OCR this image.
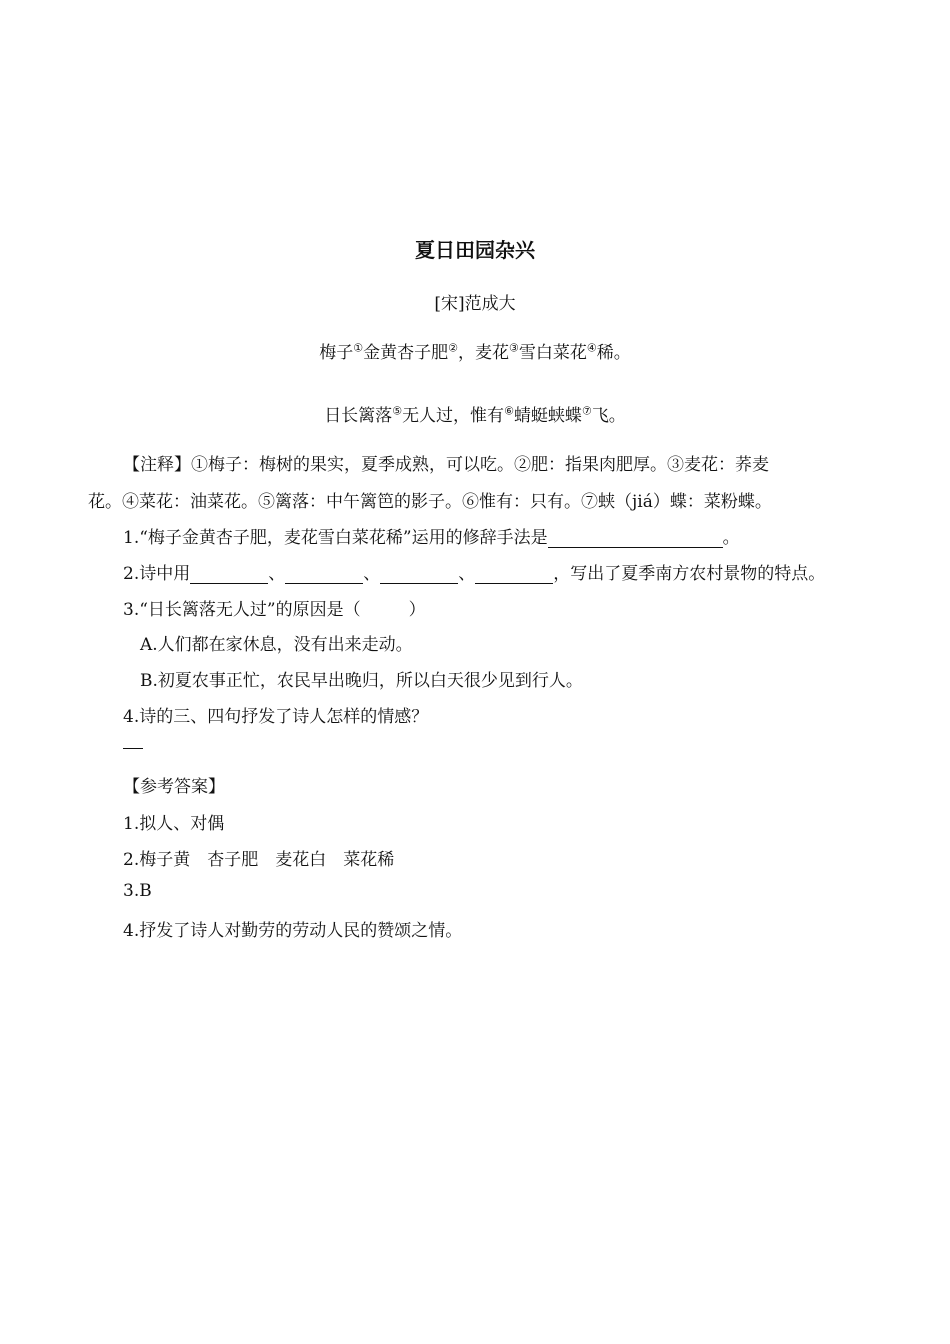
夏日田园杂兴
[宋]范成大
梅子①金黄杏子肥②，麦花③雪白菜花④稀。
日长篱落⑤无人过，惟有⑥蜻蜓蛱蝶⑦飞。
【注释】①梅子：梅树的果实，夏季成熟，可以吃。②肥：指果肉肥厚。③麦花：荞麦
花。④菜花：油菜花。⑤篱落：中午篱笆的影子。⑥惟有：只有。⑦蛱（jiá）蝶：菜粉蝶。
1.“梅子金黄杏子肥，麦花雪白菜花稀”运用的修辞手法是	。
2.诗中用	、	、	、	，写出了夏季南方农村景物的特点。
3.“日长篱落无人过”的原因是（	）
A.人们都在家休息，没有出来走动。
B.初夏农事正忙，农民早出晚归，所以白天很少见到行人。
4.诗的三、四句抒发了诗人怎样的情感？
【参考答案】
1.拟人、对偶
2.梅子黄　杏子肥　麦花白　菜花稀
3.B
4.抒发了诗人对勤劳的劳动人民的赞颂之情。
